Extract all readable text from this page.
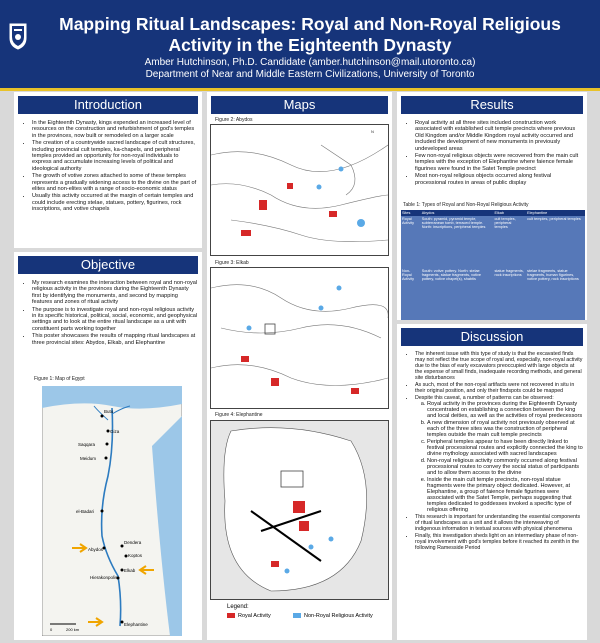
Mapping Ritual Landscapes: Royal and Non-Royal Religious Activity in the Eighteenth Dynasty
Amber Hutchinson, Ph.D. Candidate (amber.hutchinson@mail.utoronto.ca)
Department of Near and Middle Eastern Civilizations, University of Toronto
Introduction
• In the Eighteenth Dynasty, kings expended an increased level of resources on the construction and refurbishment of god's temples in the provinces, now built or remodeled on a larger scale
• The creation of a countrywide sacred landscape of cult structures, including provincial cult temples, ka-chapels, and peripheral temples provided an opportunity for non-royal individuals to express and accumulate increasing levels of political and ideological authority
• The growth of votive zones attached to some of these temples represents a gradually widening access to the divine on the part of elites and non-elites with a range of socio-economic status
• Usually this activity occurred at the margin of certain temples and could include erecting stelae, statues, pottery, figurines, rock inscriptions, and votive chapels
Objective
• My research examines the interaction between royal and non-royal religious activity in the provinces during the Eighteenth Dynasty first by identifying the monuments, and second by mapping features and zones of ritual activity
• The purpose is to investigate royal and non-royal religious activity in its specific historical, political, social, economic, and geophysical settings and to look at the entire ritual landscape as a unit with constituent parts working together
• This poster showcases the results of mapping ritual landscapes at three provincial sites: Abydos, Elkab, and Elephantine
Figure 1: Map of Egypt
Buto
Giza
Saqqara
Meidum
el-Badari
Abydos
Dendera
Koptos
Elkab
Hierakonpolis
Elephantine
0	200 km
Maps
Figure 2: Abydos
N
Figure 3: Elkab
Figure 4: Elephantine
Legend:
Royal Activity	Non-Royal Religious Activity
Results
• Royal activity at all three sites included construction work associated with established cult temple precincts where previous Old Kingdom and/or Middle Kingdom royal activity occurred and included the development of new monuments in previously undeveloped areas
• Few non-royal religious objects were recovered from the main cult temples with the exception of Elephantine where faience female figurines were found in the Satet Temple precinct
• Most non-royal religious objects occurred along festival processional routes in areas of public display
Table 1: Types of Royal and Non-Royal Religious Activity
Sites	Abydos	Elkab	Elephantine
Royal Activity	South: pyramid, pyramid temple, subterranean tomb, terraced temple. North: inscriptions, peripheral temples	cult temples, peripheral temples	cult temples, peripheral temples
Non-Royal Activity	South: votive pottery. North: stelae fragments, statue fragments, votive pottery, votive chapel(s), shabtis	statue fragments, rock inscriptions	stelae fragments, statue fragments, human figurines, votive pottery, rock inscriptions
Discussion
• The inherent issue with this type of study is that the excavated finds may not reflect the true scope of royal and, especially, non-royal activity due to the bias of early excavators preoccupied with large objects at the expense of small finds, inadequate recording methods, and general site disturbances
• As such, most of the non-royal artifacts were not recovered in situ in their original position, and only their findspots could be mapped
• Despite this caveat, a number of patterns can be observed:
a. Royal activity in the provinces during the Eighteenth Dynasty concentrated on establishing a connection between the king and local deities, as well as the activities of royal predecessors
b. A new dimension of royal activity not previously observed at each of the three sites was the construction of peripheral temples outside the main cult temple precincts
c. Peripheral temples appear to have been directly linked to festival processional routes and explicitly connected the king to divine mythology associated with sacred landscapes
d. Non-royal religious activity commonly occurred along festival processional routes to convey the social status of participants and to allow them access to the divine
e. Inside the main cult temple precincts, non-royal statue fragments were the primary object dedicated. However, at Elephantine, a group of faience female figurines were associated with the Satet Temple, perhaps suggesting that temples dedicated to goddesses invoked a specific type of religious offering
• This research is important for understanding the essential components of ritual landscapes as a unit and it allows the interweaving of indigenous information in textual sources with physical phenomena
• Finally, this investigation sheds light on an intermediary phase of non-royal involvement with god's temples before it reached its zenith in the following Ramesside Period
